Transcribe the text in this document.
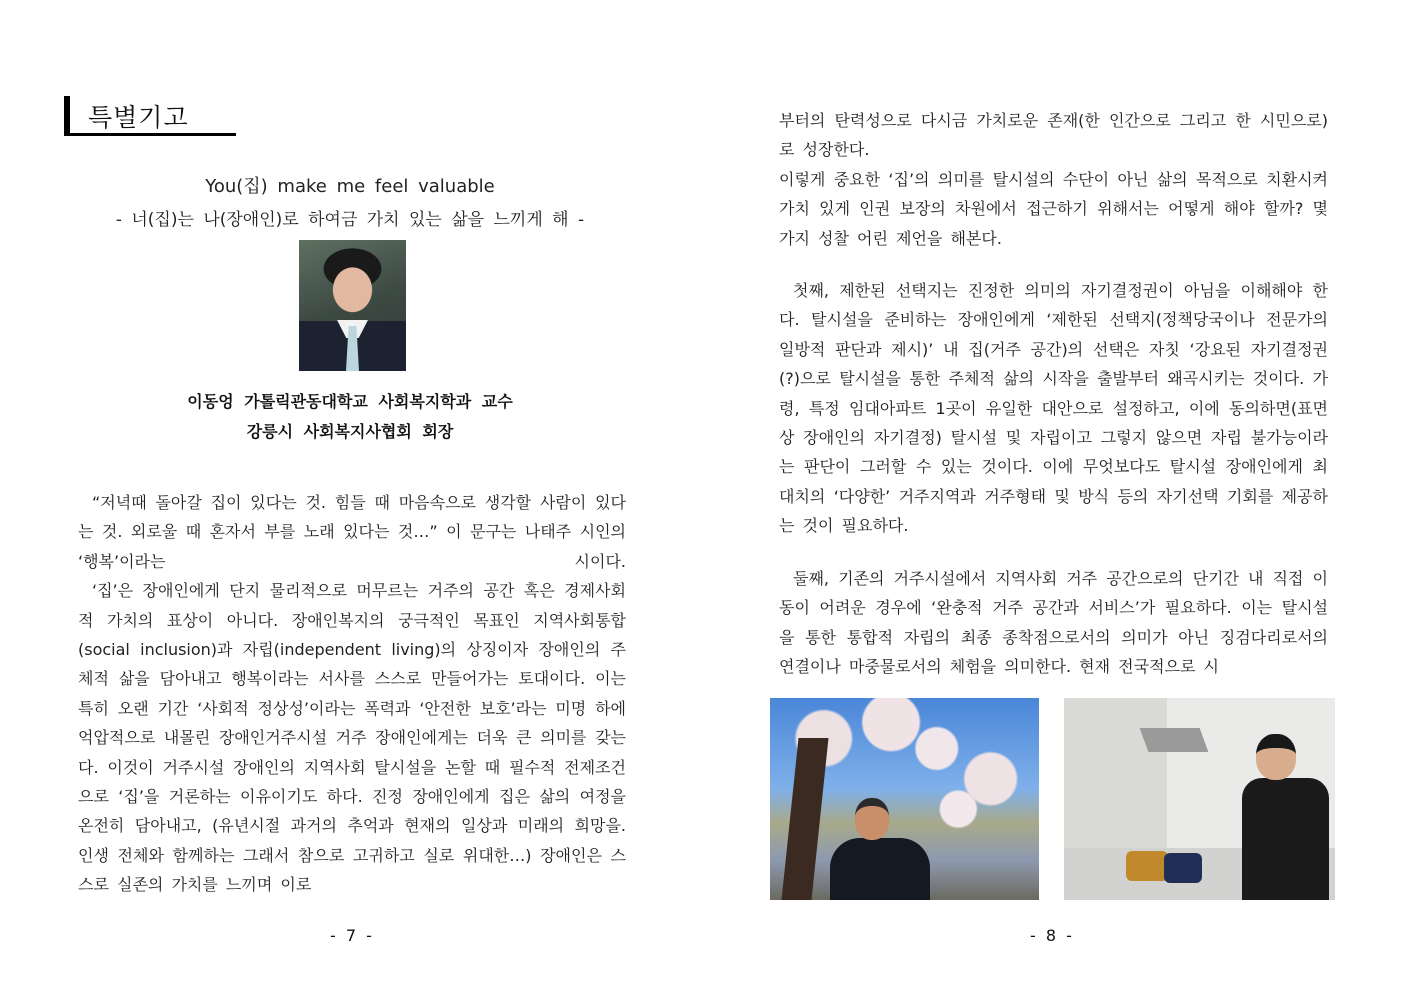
특별기고
You(집) make me feel valuable
- 너(집)는 나(장애인)로 하여금 가치 있는 삶을 느끼게 해 -
이동엉 가톨릭관동대학교 사회복지학과 교수
강릉시 사회복지사협회 회장

“저녁때 돌아갈 집이 있다는 것. 힘들 때 마음속으로 생각할 사람이 있다는 것. 외로울 때 혼자서 부를 노래 있다는 것…” 이 문구는 나태주 시인의 ‘행복’이라는 시이다.

‘집’은 장애인에게 단지 물리적으로 머무르는 거주의 공간 혹은 경제사회적 가치의 표상이 아니다. 장애인복지의 궁극적인 목표인 지역사회통합(social inclusion)과 자립(independent living)의 상징이자 장애인의 주체적 삶을 담아내고 행복이라는 서사를 스스로 만들어가는 토대이다. 이는 특히 오랜 기간 ‘사회적 정상성’이라는 폭력과 ‘안전한 보호’라는 미명 하에 억압적으로 내몰린 장애인거주시설 거주 장애인에게는 더욱 큰 의미를 갖는다. 이것이 거주시설 장애인의 지역사회 탈시설을 논할 때 필수적 전제조건으로 ‘집’을 거론하는 이유이기도 하다. 진정 장애인에게 집은 삶의 여정을 온전히 담아내고, (유년시절 과거의 추억과 현재의 일상과 미래의 희망을. 인생 전체와 함께하는 그래서 참으로 고귀하고 실로 위대한…) 장애인은 스스로 실존의 가치를 느끼며 이로

- 7 -

부터의 탄력성으로 다시금 가치로운 존재(한 인간으로 그리고 한 시민으로)로 성장한다.

이렇게 중요한 ‘집’의 의미를 탈시설의 수단이 아닌 삶의 목적으로 치환시켜 가치 있게 인권 보장의 차원에서 접근하기 위해서는 어떻게 해야 할까? 몇 가지 성찰 어린 제언을 해본다.

첫째, 제한된 선택지는 진정한 의미의 자기결정권이 아님을 이해해야 한다. 탈시설을 준비하는 장애인에게 ‘제한된 선택지(정책당국이나 전문가의 일방적 판단과 제시)’ 내 집(거주 공간)의 선택은 자칫 ‘강요된 자기결정권(?)으로 탈시설을 통한 주체적 삶의 시작을 출발부터 왜곡시키는 것이다. 가령, 특정 임대아파트 1곳이 유일한 대안으로 설정하고, 이에 동의하면(표면상 장애인의 자기결정) 탈시설 및 자립이고 그렇지 않으면 자립 불가능이라는 판단이 그러할 수 있는 것이다. 이에 무엇보다도 탈시설 장애인에게 최대치의 ‘다양한’ 거주지역과 거주형태 및 방식 등의 자기선택 기회를 제공하는 것이 필요하다.

둘째, 기존의 거주시설에서 지역사회 거주 공간으로의 단기간 내 직접 이동이 어려운 경우에 ‘완충적 거주 공간과 서비스’가 필요하다. 이는 탈시설을 통한 통합적 자립의 최종 종착점으로서의 의미가 아닌 징검다리로서의 연결이나 마중물로서의 체험을 의미한다. 현재 전국적으로 시

- 8 -
